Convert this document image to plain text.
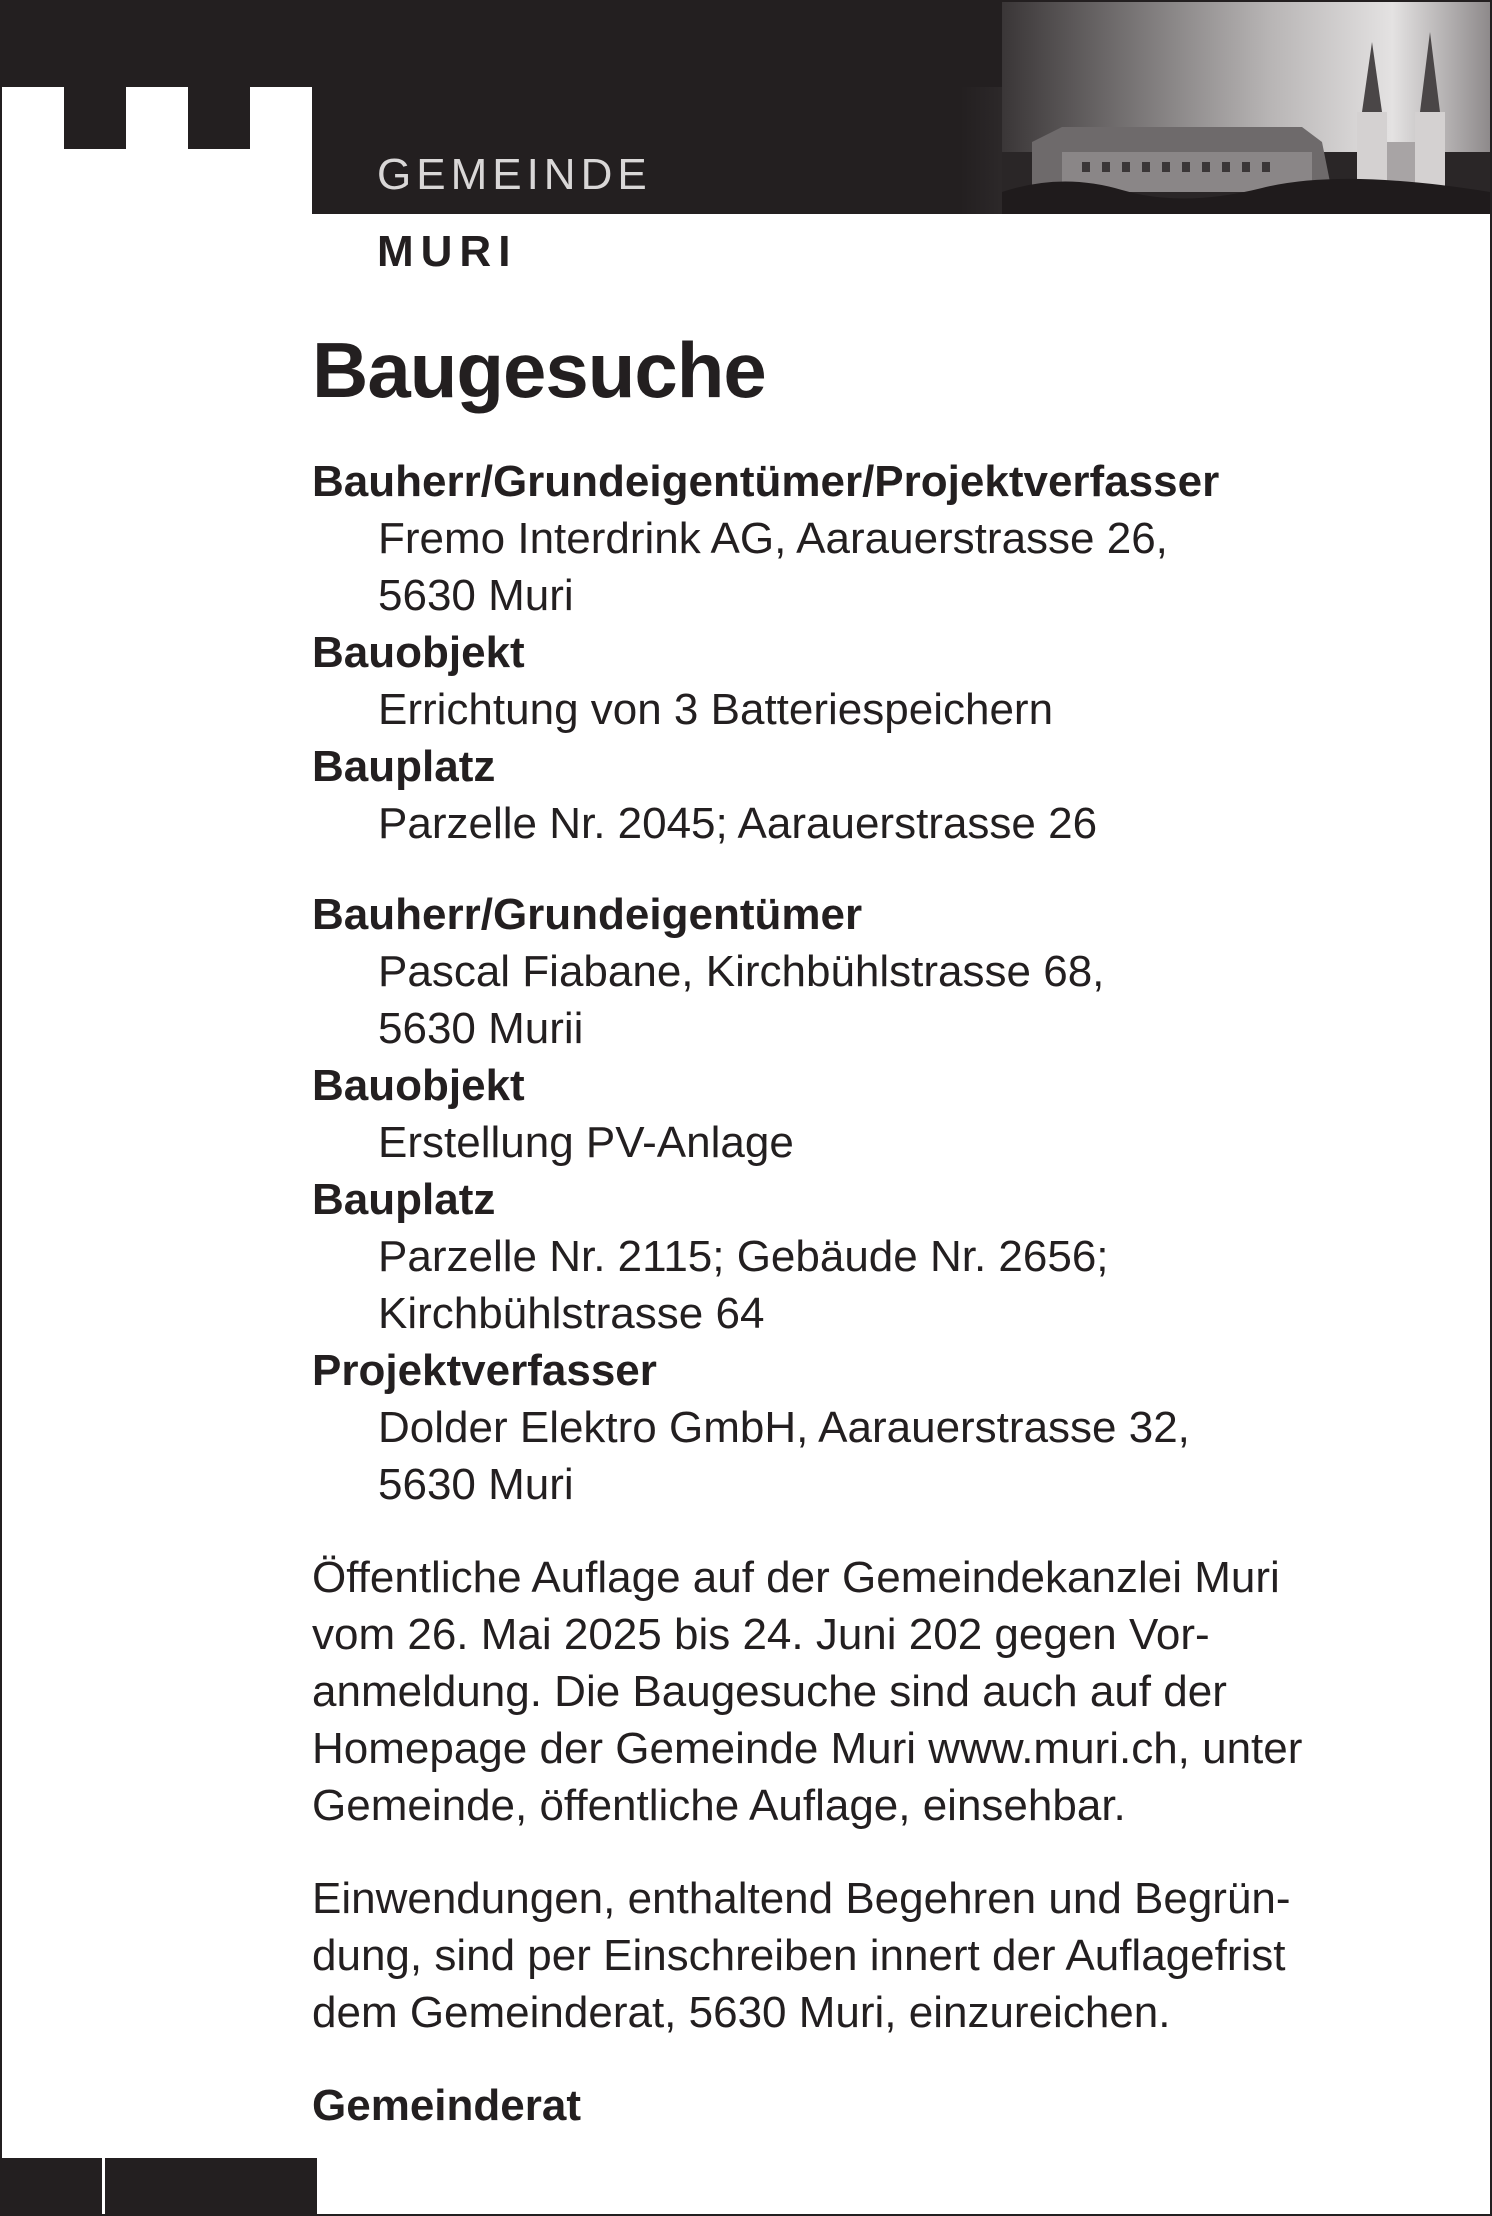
GEMEINDE
MURI
Baugesuche
Bauherr/Grundeigentümer/Projektverfasser
Fremo Interdrink AG, Aarauerstrasse 26,
5630 Muri
Bauobjekt
Errichtung von 3 Batteriespeichern
Bauplatz
Parzelle Nr. 2045; Aarauerstrasse 26
Bauherr/Grundeigentümer
Pascal Fiabane, Kirchbühlstrasse 68,
5630 Murii
Bauobjekt
Erstellung PV-Anlage
Bauplatz
Parzelle Nr. 2115; Gebäude Nr. 2656;
Kirchbühlstrasse 64
Projektverfasser
Dolder Elektro GmbH, Aarauerstrasse 32,
5630 Muri
Öffentliche Auflage auf der Gemeindekanzlei Muri
vom 26. Mai 2025 bis 24. Juni 202 gegen Vor-
anmeldung. Die Baugesuche sind auch auf der
Homepage der Gemeinde Muri www.muri.ch, unter
Gemeinde, öffentliche Auflage, einsehbar.
Einwendungen, enthaltend Begehren und Begrün-
dung, sind per Einschreiben innert der Auflagefrist
dem Gemeinderat, 5630 Muri, einzureichen.
Gemeinderat
